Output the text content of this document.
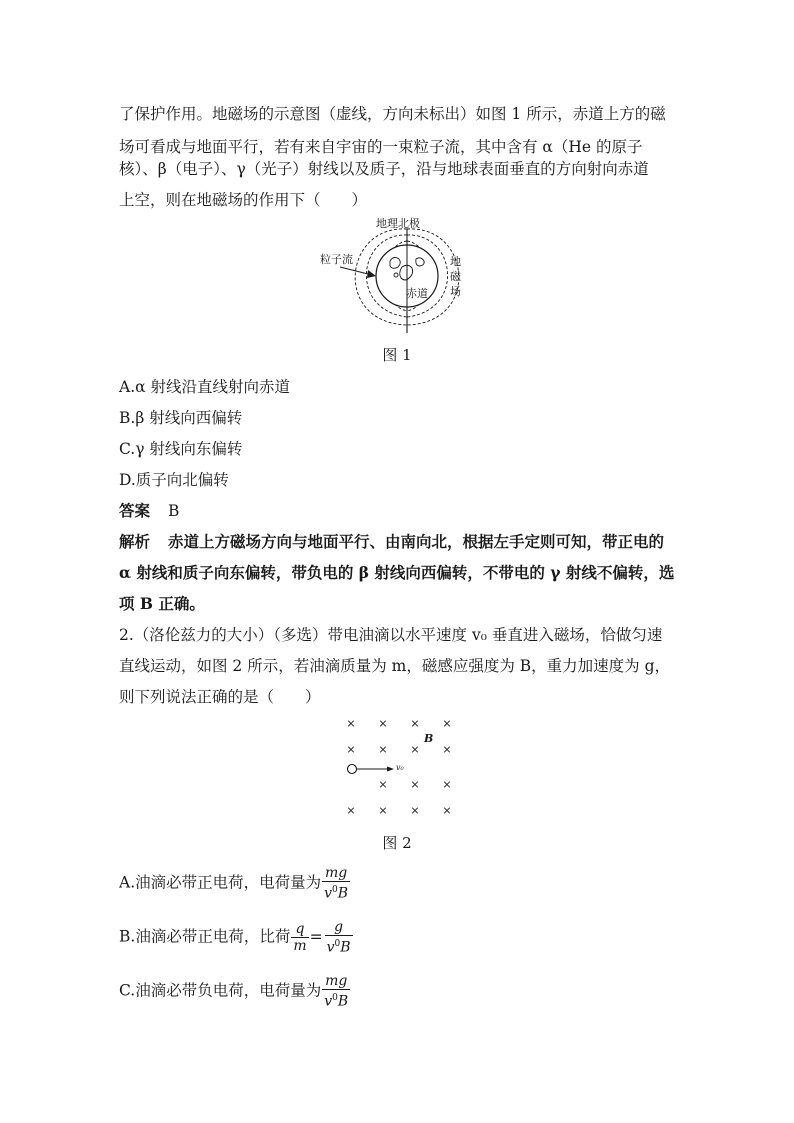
了保护作用。地磁场的示意图（虚线，方向未标出）如图 1 所示，赤道上方的磁
场可看成与地面平行，若有来自宇宙的一束粒子流，其中含有 α（He 的原子
核）、β（电子）、γ（光子）射线以及质子，沿与地球表面垂直的方向射向赤道
上空，则在地磁场的作用下（　　）
地理北极
粒子流	地
磁
场
赤道
图 1
A.α 射线沿直线射向赤道
B.β 射线向西偏转
C.γ 射线向东偏转
D.质子向北偏转
答案 B
解析 赤道上方磁场方向与地面平行、由南向北，根据左手定则可知，带正电的
α 射线和质子向东偏转，带负电的 β 射线向西偏转，不带电的 γ 射线不偏转，选
项 B 正确。
2.（洛伦兹力的大小）（多选）带电油滴以水平速度 v₀ 垂直进入磁场，恰做匀速
直线运动，如图 2 所示，若油滴质量为 m，磁感应强度为 B，重力加速度为 g，
则下列说法正确的是（　　）
× × × ×
× × × ×
× × ×
× × × ×
v₀
B
图 2
A.油滴必带正电荷，电荷量为 $\frac{mg}{v^0B}$
B.油滴必带正电荷，比荷 $\frac{q}{m} = \frac{g}{v^0B}$
C.油滴必带负电荷，电荷量为 $\frac{mg}{v^0B}$
